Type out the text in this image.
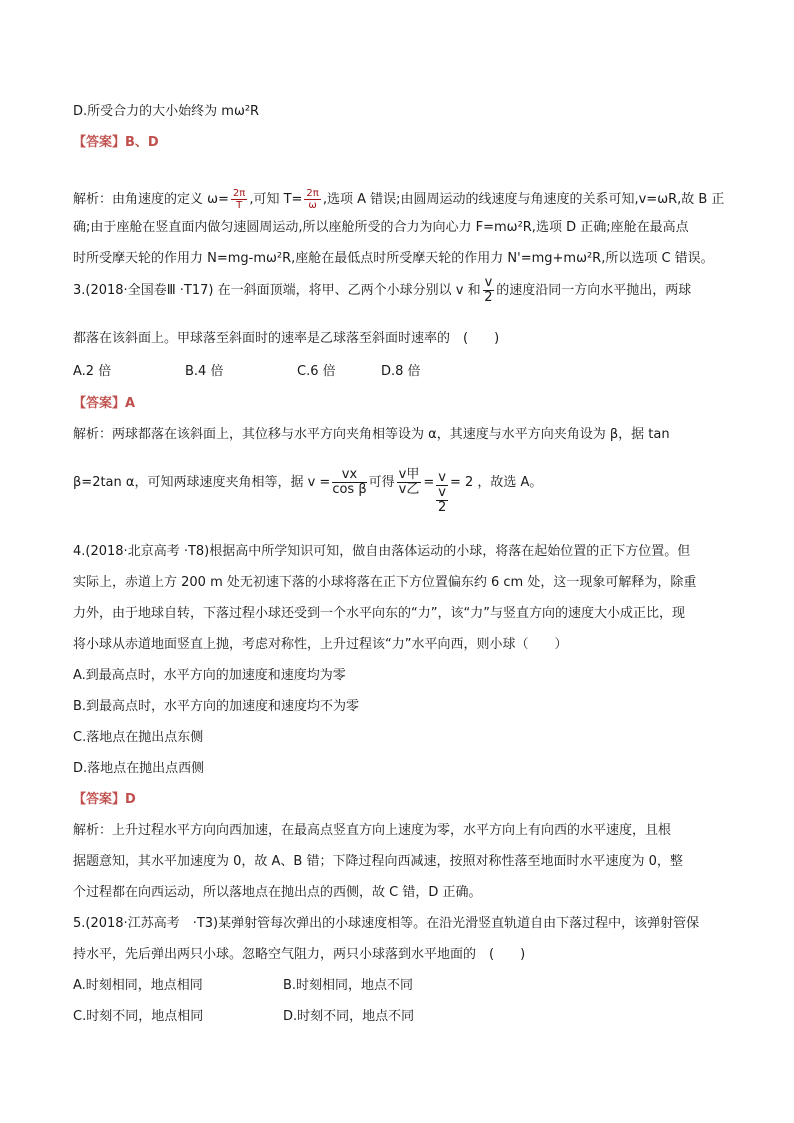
D.所受合力的大小始终为 mω²R
【答案】B、D
解析：由角速度的定义 $\omega= \frac{2\pi}{T}$ ,可知 $T= \frac{2\pi}{\omega}$ ,选项 A 错误;由圆周运动的线速度与角速度的关系可知,v=ωR,故 B 正
确;由于座舱在竖直面内做匀速圆周运动,所以座舱所受的合力为向心力 F=mω²R,选项 D 正确;座舱在最高点
时所受摩天轮的作用力 N=mg-mω²R,座舱在最低点时所受摩天轮的作用力 N'=mg+mω²R,所以选项 C 错误。
3.(2018·全国卷Ⅲ ·T17) 在一斜面顶端，将甲、乙两个小球分别以 v 和 $\frac{v}{2}$ 的速度沿同一方向水平抛出，两球
都落在该斜面上。甲球落至斜面时的速率是乙球落至斜面时速率的　(　　)
A.2 倍	B.4 倍	C.6 倍	D.8 倍
【答案】A
解析：两球都落在该斜面上，其位移与水平方向夹角相等设为 α，其速度与水平方向夹角设为 β，据 tan
β=2tan α，可知两球速度夹角相等，据 $v = \frac{vx}{\text{cos β}}$ 可得 $\frac{\text{v甲}}{\text{v乙}} = \frac{v}{\frac{v}{2}} = 2$ ，故选 A。
4.(2018·北京高考 ·T8)根据高中所学知识可知，做自由落体运动的小球，将落在起始位置的正下方位置。但
实际上，赤道上方 200 m 处无初速下落的小球将落在正下方位置偏东约 6 cm 处，这一现象可解释为，除重
力外，由于地球自转，下落过程小球还受到一个水平向东的“力”，该“力”与竖直方向的速度大小成正比，现
将小球从赤道地面竖直上抛，考虑对称性，上升过程该“力”水平向西，则小球（　　）
A.到最高点时，水平方向的加速度和速度均为零
B.到最高点时，水平方向的加速度和速度均不为零
C.落地点在抛出点东侧
D.落地点在抛出点西侧
【答案】D
解析：上升过程水平方向向西加速，在最高点竖直方向上速度为零，水平方向上有向西的水平速度，且根
据题意知，其水平加速度为 0，故 A、B 错；下降过程向西减速，按照对称性落至地面时水平速度为 0，整
个过程都在向西运动，所以落地点在抛出点的西侧，故 C 错，D 正确。
5.(2018·江苏高考　·T3)某弹射管每次弹出的小球速度相等。在沿光滑竖直轨道自由下落过程中，该弹射管保
持水平，先后弹出两只小球。忽略空气阻力，两只小球落到水平地面的　(　　)
A.时刻相同，地点相同	B.时刻相同，地点不同
C.时刻不同，地点相同	D.时刻不同，地点不同
